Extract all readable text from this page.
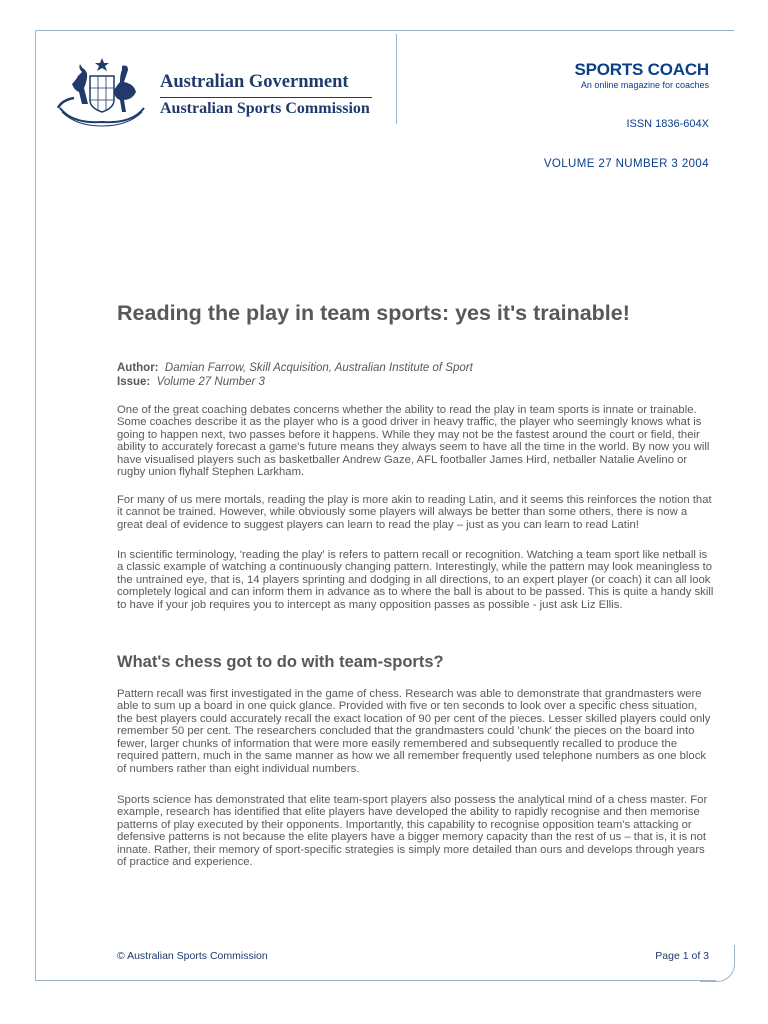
Australian Government
Australian Sports Commission
SPORTS COACH
An online magazine for coaches
ISSN 1836-604X
VOLUME 27 NUMBER 3 2004
Reading the play in team sports: yes it's trainable!
Author: Damian Farrow, Skill Acquisition, Australian Institute of Sport
Issue: Volume 27 Number 3

One of the great coaching debates concerns whether the ability to read the play in team sports is innate or trainable. Some coaches describe it as the player who is a good driver in heavy traffic, the player who seemingly knows what is going to happen next, two passes before it happens. While they may not be the fastest around the court or field, their ability to accurately forecast a game's future means they always seem to have all the time in the world. By now you will have visualised players such as basketballer Andrew Gaze, AFL footballer James Hird, netballer Natalie Avelino or rugby union flyhalf Stephen Larkham.

For many of us mere mortals, reading the play is more akin to reading Latin, and it seems this reinforces the notion that it cannot be trained. However, while obviously some players will always be better than some others, there is now a great deal of evidence to suggest players can learn to read the play – just as you can learn to read Latin!

In scientific terminology, 'reading the play' is refers to pattern recall or recognition. Watching a team sport like netball is a classic example of watching a continuously changing pattern. Interestingly, while the pattern may look meaningless to the untrained eye, that is, 14 players sprinting and dodging in all directions, to an expert player (or coach) it can all look completely logical and can inform them in advance as to where the ball is about to be passed. This is quite a handy skill to have if your job requires you to intercept as many opposition passes as possible - just ask Liz Ellis.

What's chess got to do with team-sports?

Pattern recall was first investigated in the game of chess. Research was able to demonstrate that grandmasters were able to sum up a board in one quick glance. Provided with five or ten seconds to look over a specific chess situation, the best players could accurately recall the exact location of 90 per cent of the pieces. Lesser skilled players could only remember 50 per cent. The researchers concluded that the grandmasters could 'chunk' the pieces on the board into fewer, larger chunks of information that were more easily remembered and subsequently recalled to produce the required pattern, much in the same manner as how we all remember frequently used telephone numbers as one block of numbers rather than eight individual numbers.

Sports science has demonstrated that elite team-sport players also possess the analytical mind of a chess master. For example, research has identified that elite players have developed the ability to rapidly recognise and then memorise patterns of play executed by their opponents. Importantly, this capability to recognise opposition team's attacking or defensive patterns is not because the elite players have a bigger memory capacity than the rest of us – that is, it is not innate. Rather, their memory of sport-specific strategies is simply more detailed than ours and develops through years of practice and experience.

© Australian Sports Commission	Page 1 of 3
